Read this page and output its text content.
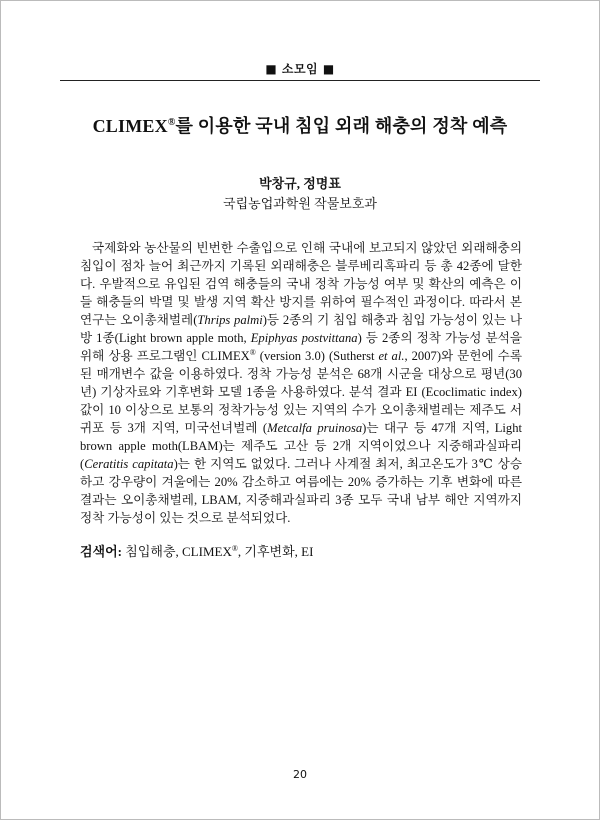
■ 소모임 ■
CLIMEX®를 이용한 국내 침입 외래 해충의 정착 예측
박창규, 정명표
국립농업과학원 작물보호과

국제화와 농산물의 빈번한 수출입으로 인해 국내에 보고되지 않았던 외래해충의 침입이 점차 늘어 최근까지 기록된 외래해충은 블루베리혹파리 등 총 42종에 달한다. 우발적으로 유입된 검역 해충들의 국내 정착 가능성 여부 및 확산의 예측은 이들 해충들의 박멸 및 발생 지역 확산 방지를 위하여 필수적인 과정이다. 따라서 본 연구는 오이총채벌레(Thrips palmi)등 2종의 기 침입 해충과 침입 가능성이 있는 나방 1종(Light brown apple moth, Epiphyas postvittana) 등 2종의 정착 가능성 분석을 위해 상용 프로그램인 CLIMEX® (version 3.0) (Sutherst et al., 2007)와 문헌에 수록된 매개변수 값을 이용하였다. 정착 가능성 분석은 68개 시군을 대상으로 평년(30년) 기상자료와 기후변화 모델 1종을 사용하였다. 분석 결과 EI (Ecoclimatic index)값이 10 이상으로 보통의 정착가능성 있는 지역의 수가 오이총채벌레는 제주도 서귀포 등 3개 지역, 미국선녀벌레 (Metcalfa pruinosa)는 대구 등 47개 지역, Light brown apple moth(LBAM)는 제주도 고산 등 2개 지역이었으나 지중해과실파리(Ceratitis capitata)는 한 지역도 없었다. 그러나 사계절 최저, 최고온도가 3℃ 상승하고 강우량이 겨울에는 20% 감소하고 여름에는 20% 증가하는 기후 변화에 따른 결과는 오이총채벌레, LBAM, 지중해과실파리 3종 모두 국내 남부 해안 지역까지 정착 가능성이 있는 것으로 분석되었다.

검색어: 침입해충, CLIMEX®, 기후변화, EI
20
